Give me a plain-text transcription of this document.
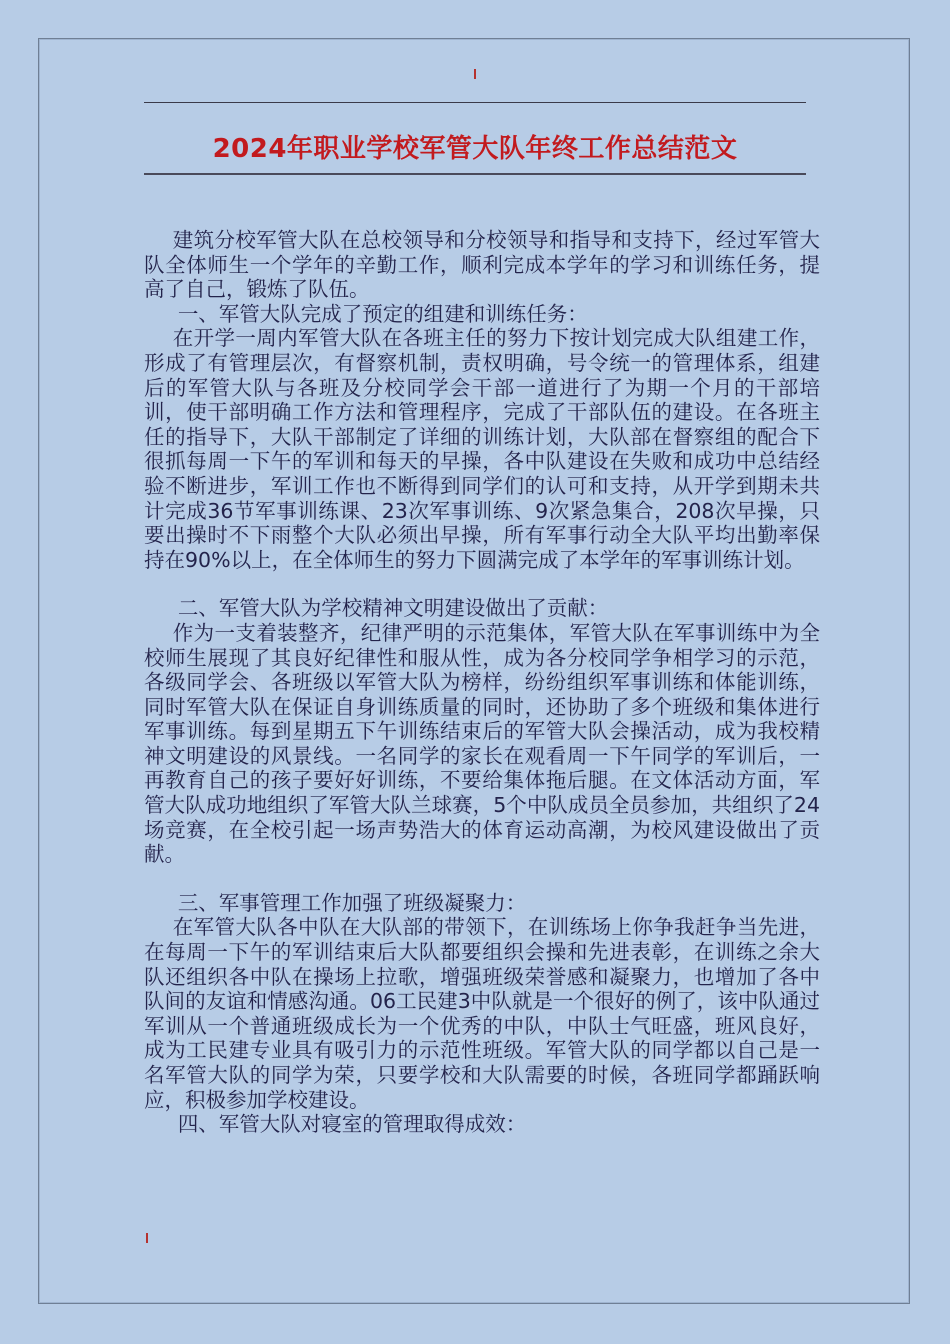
2024年职业学校军管大队年终工作总结范文

建筑分校军管大队在总校领导和分校领导和指导和支持下，经过军管大队全体师生一个学年的辛勤工作，顺利完成本学年的学习和训练任务，提高了自己，锻炼了队伍。

一、军管大队完成了预定的组建和训练任务：

在开学一周内军管大队在各班主任的努力下按计划完成大队组建工作，形成了有管理层次，有督察机制，责权明确，号令统一的管理体系，组建后的军管大队与各班及分校同学会干部一道进行了为期一个月的干部培训，使干部明确工作方法和管理程序，完成了干部队伍的建设。在各班主任的指导下，大队干部制定了详细的训练计划，大队部在督察组的配合下很抓每周一下午的军训和每天的早操，各中队建设在失败和成功中总结经验不断进步，军训工作也不断得到同学们的认可和支持，从开学到期未共计完成36节军事训练课、23次军事训练、9次紧急集合，208次早操，只要出操时不下雨整个大队必须出早操，所有军事行动全大队平均出勤率保持在90%以上，在全体师生的努力下圆满完成了本学年的军事训练计划。

二、军管大队为学校精神文明建设做出了贡献：

作为一支着装整齐，纪律严明的示范集体，军管大队在军事训练中为全校师生展现了其良好纪律性和服从性，成为各分校同学争相学习的示范，各级同学会、各班级以军管大队为榜样，纷纷组织军事训练和体能训练，同时军管大队在保证自身训练质量的同时，还协助了多个班级和集体进行军事训练。每到星期五下午训练结束后的军管大队会操活动，成为我校精神文明建设的风景线。一名同学的家长在观看周一下午同学的军训后，一再教育自己的孩子要好好训练，不要给集体拖后腿。在文体活动方面，军管大队成功地组织了军管大队兰球赛，5个中队成员全员参加，共组织了24场竞赛，在全校引起一场声势浩大的体育运动高潮，为校风建设做出了贡献。

三、军事管理工作加强了班级凝聚力：

在军管大队各中队在大队部的带领下，在训练场上你争我赶争当先进，在每周一下午的军训结束后大队都要组织会操和先进表彰，在训练之余大队还组织各中队在操场上拉歌，增强班级荣誉感和凝聚力，也增加了各中队间的友谊和情感沟通。06工民建3中队就是一个很好的例了，该中队通过军训从一个普通班级成长为一个优秀的中队，中队士气旺盛，班风良好，成为工民建专业具有吸引力的示范性班级。军管大队的同学都以自己是一名军管大队的同学为荣，只要学校和大队需要的时候，各班同学都踊跃响应，积极参加学校建设。

四、军管大队对寝室的管理取得成效：
